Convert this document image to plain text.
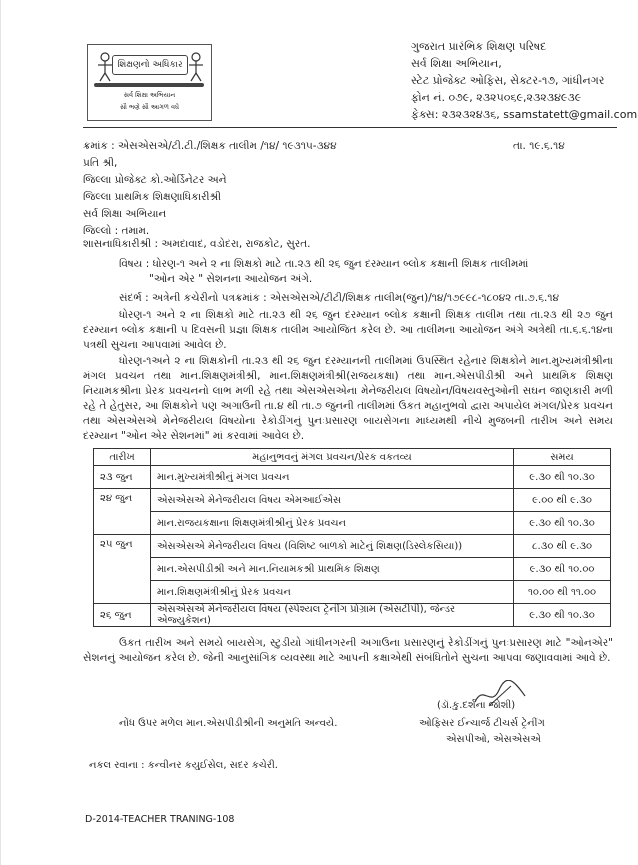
શિક્ષણનો અધિકાર
સર્વ શિક્ષા અભિયાન
સૌ ભણે સૌ આગળ વધે
ગુજરાત પ્રારંભિક શિક્ષણ પરિષદ
સર્વ શિક્ષા અભિયાન,
સ્ટેટ પ્રોજેક્ટ ઓફિસ, સેક્ટર-૧૭, ગાંધીનગર
ફોન નં. ૦૭૯, ૨૩૨૫૦૬૯,૨૩૨૩૪૯૩૯
ફેક્સ: ૨૩૨૩૨૪૩૬, ssamstatett@gmail.com
ક્રમાંક : એસએસએ/ટી.ટી./શિક્ષક તાલીમ /૧૪/ ૧૯૩૧૫-૩૪૪	તા. ૧૯.૬.૧૪
પ્રતિ શ્રી,
જિલ્લા પ્રોજેક્ટ કો.ઓર્ડિનેટર અને
જિલ્લા પ્રાથમિક શિક્ષણાધિકારીશ્રી
સર્વ શિક્ષા અભિયાન
જિલ્લો : તમામ.
શાસનાધિકારીશ્રી : અમદાવાદ, વડોદરા, રાજકોટ, સુરત.
વિષય : ધોરણ-૧ અને ૨ ના શિક્ષકો માટે તા.૨૩ થી ૨૬ જુન દરમ્યાન બ્લોક કક્ષાની શિક્ષક તાલીમમાં
"ઓન એર " સેશનના આયોજન અંગે.
સંદર્ભ : અત્રેની કચેરીનો પત્રક્રમાંક : એસએસએ/ટીટી/શિક્ષક તાલીમ(જુન)/૧૪/૧૭૯૯૮-૧૮૦૪૨ તા.૭.૬.૧૪
ધોરણ-૧ અને ૨ ના શિક્ષકો માટે તા.૨૩ થી ૨૬ જુન દરમ્યાન બ્લોક કક્ષાની શિક્ષક તાલીમ તથા તા.૨૩ થી ૨૭ જુન દરમ્યાન બ્લોક કક્ષાની ૫ દિવસની પ્રજ્ઞા શિક્ષક તાલીમ આયોજિત કરેલ છે. આ તાલીમના આયોજન અંગે અત્રેથી તા.૬.૬.૧૪ના પત્રથી સુચના આપવામાં આવેલ છે.
ધોરણ-૧અને ૨ ના શિક્ષકોની તા.૨૩ થી ૨૬ જુન દરમ્યાનની તાલીમમાં ઉપસ્થિત રહેનાર શિક્ષકોને માન.મુખ્યમંત્રીશ્રીના મંગલ પ્રવચન તથા માન.શિક્ષણમંત્રીશ્રી, માન.શિક્ષણમંત્રીશ્રી(રાજયકક્ષા) તથા માન.એસપીડીશ્રી અને પ્રાથમિક શિક્ષણ નિયામકશ્રીના પ્રેરક પ્રવચનનો લાભ મળી રહે તથા એસએસએના મેનેજરીયલ વિષયોન/વિષયવસ્તુઓની સઘન જાણકારી મળી રહે તે હેતુસર, આ શિક્ષકોને પણ અગાઉની તા.૪ થી તા.૭ જુનની તાલીમમાં ઉકત મહાનુભવો દ્વારા અપાયેલ મંગલ/પ્રેરક પ્રવચન તથા એસએસએ મેનેજરીયલ વિષયોના રેકોડીંગનું પુનઃપ્રસારણ બાયસેગના માધ્યમથી નીચે મુજબની તારીખ અને સમય દરમ્યાન "ઓન એર સેશનમાં" માં કરવામાં આવેલ છે.
તારીખ	મહાનુભવનું મંગલ પ્રવચન/પ્રેરક વકતવ્ય	સમય
૨૩ જુન	માન.મુખ્યમંત્રીશ્રીનું મંગલ પ્રવચન	૯.૩૦ થી ૧૦.૩૦
૨૪ જુન	એસએસએ મેનેજરીયલ વિષય એમઆઈએસ	૯.૦૦ થી ૯.૩૦
	માન.રાજયકક્ષાના શિક્ષણમંત્રીશ્રીનું પ્રેરક પ્રવચન	૯.૩૦ થી ૧૦.૩૦
૨૫ જુન	એસએસએ મેનેજરીયલ વિષય (વિશિષ્ટ બાળકો માટેનું શિક્ષણ(ડિસ્લેકસિયા))	૮.૩૦ થી ૯.૩૦
	માન.એસપીડીશ્રી અને માન.નિયામકશ્રી પ્રાથમિક શિક્ષણ	૯.૩૦ થી ૧૦.૦૦
	માન.શિક્ષણમંત્રીશ્રીનું પ્રેરક પ્રવચન	૧૦.૦૦ થી ૧૧.૦૦
૨૬ જુન	એસએસએ મેનેજરીયલ વિષય (સ્પેશ્યલ ટ્રેનીંગ પ્રોગ્રામ (એસટીપી), જેન્ડર એજ્યુકેશન)	૯.૩૦ થી ૧૦.૩૦
ઉકત તારીખ અને સમયે બાયસેગ, સ્ટુડીયો ગાંધીનગરની અગાઉના પ્રસારણનું રેકોડીંગનું પુનઃપ્રસારણ માટે "ઓનએર" સેશનનું આયોજન કરેલ છે. જેની આનુસાંગિક વ્યવસ્થા માટે આપની કક્ષાએથી સંબંધિતોને સુચના આપવા જણાવવામાં આવે છે.
(ડૉ.કુ.દર્શના જોશી)
ઓફિસર ઈન્ચાર્જ ટીચર્સ ટ્રેનીંગ
એસપીઓ, એસએસએ
નોંધ ઉપર મળેલ માન.એસપીડીશ્રીની અનુમતિ અન્વયે.
નકલ રવાના : કન્વીનર કયુઈસેલ, સદર કચેરી.
D-2014-TEACHER TRANING-108
